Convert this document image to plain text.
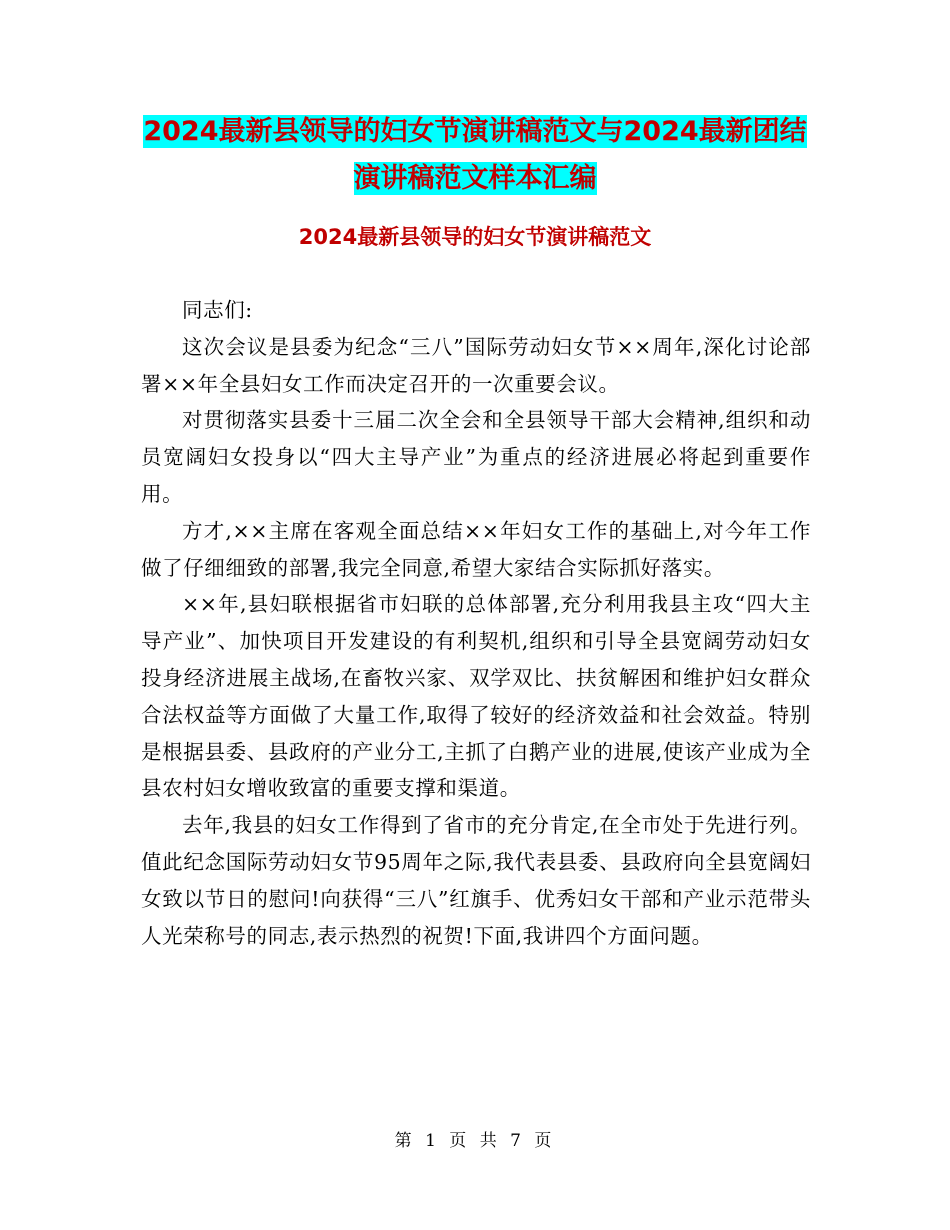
2024最新县领导的妇女节演讲稿范文与2024最新团结
演讲稿范文样本汇编
2024最新县领导的妇女节演讲稿范文

同志们:

这次会议是县委为纪念“三八”国际劳动妇女节××周年,深化讨论部署××年全县妇女工作而决定召开的一次重要会议。

对贯彻落实县委十三届二次全会和全县领导干部大会精神,组织和动员宽阔妇女投身以“四大主导产业”为重点的经济进展必将起到重要作用。

方才,××主席在客观全面总结××年妇女工作的基础上,对今年工作做了仔细细致的部署,我完全同意,希望大家结合实际抓好落实。

××年,县妇联根据省市妇联的总体部署,充分利用我县主攻“四大主导产业”、加快项目开发建设的有利契机,组织和引导全县宽阔劳动妇女投身经济进展主战场,在畜牧兴家、双学双比、扶贫解困和维护妇女群众合法权益等方面做了大量工作,取得了较好的经济效益和社会效益。特别是根据县委、县政府的产业分工,主抓了白鹅产业的进展,使该产业成为全县农村妇女增收致富的重要支撑和渠道。

去年,我县的妇女工作得到了省市的充分肯定,在全市处于先进行列。值此纪念国际劳动妇女节95周年之际,我代表县委、县政府向全县宽阔妇女致以节日的慰问!向获得“三八”红旗手、优秀妇女干部和产业示范带头人光荣称号的同志,表示热烈的祝贺!下面,我讲四个方面问题。

第 1 页 共 7 页
